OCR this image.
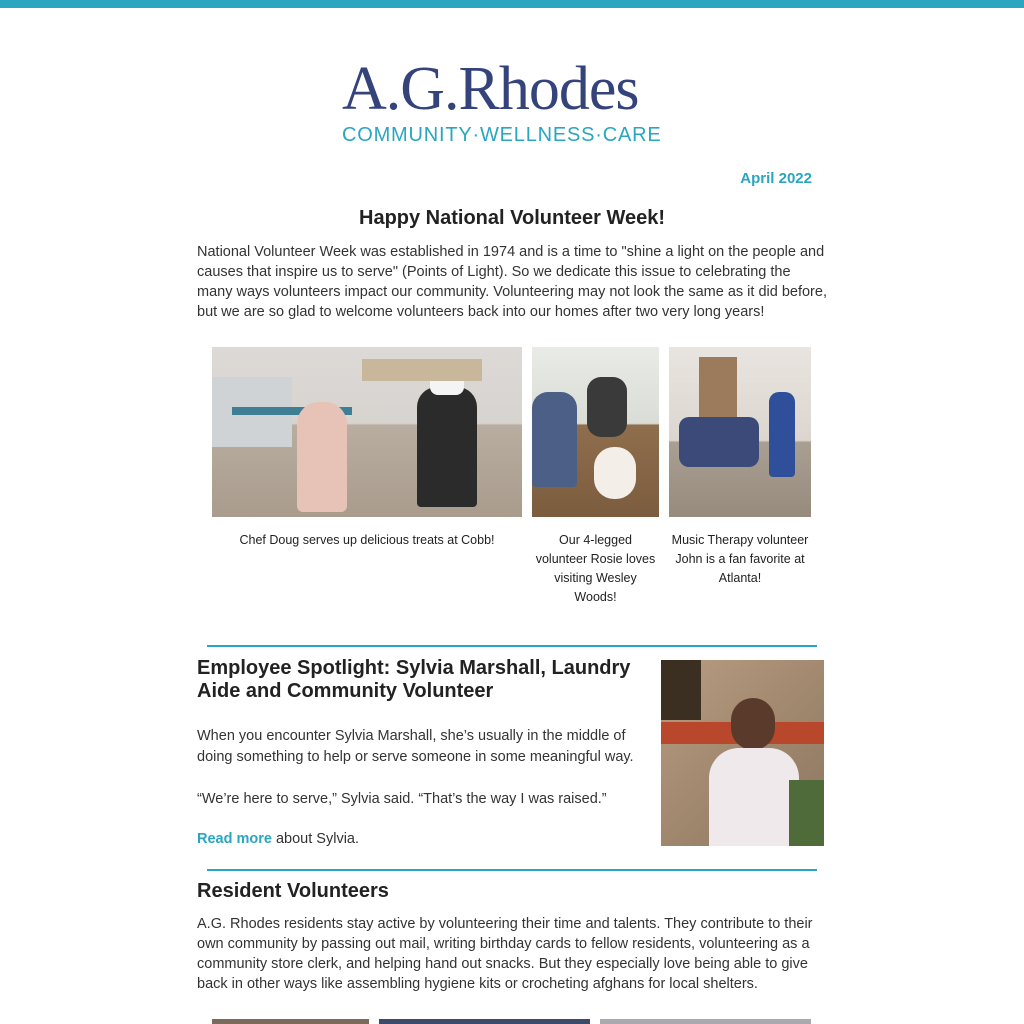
A.G.Rhodes
COMMUNITY·WELLNESS·CARE
April 2022
Happy National Volunteer Week!
National Volunteer Week was established in 1974 and is a time to "shine a light on the people and causes that inspire us to serve" (Points of Light). So we dedicate this issue to celebrating the many ways volunteers impact our community. Volunteering may not look the same as it did before, but we are so glad to welcome volunteers back into our homes after two very long years!
Chef Doug serves up delicious treats at Cobb!	Our 4-legged volunteer Rosie loves visiting Wesley Woods!
Music Therapy volunteer John is a fan favorite at Atlanta!
Employee Spotlight: Sylvia Marshall, Laundry Aide and Community Volunteer
When you encounter Sylvia Marshall, she’s usually in the middle of doing something to help or serve someone in some meaningful way.
“We’re here to serve,” Sylvia said. “That’s the way I was raised.”
Read more about Sylvia.
Resident Volunteers
A.G. Rhodes residents stay active by volunteering their time and talents. They contribute to their own community by passing out mail, writing birthday cards to fellow residents, volunteering as a community store clerk, and helping hand out snacks. But they especially love being able to give back in other ways like assembling hygiene kits or crocheting afghans for local shelters.
